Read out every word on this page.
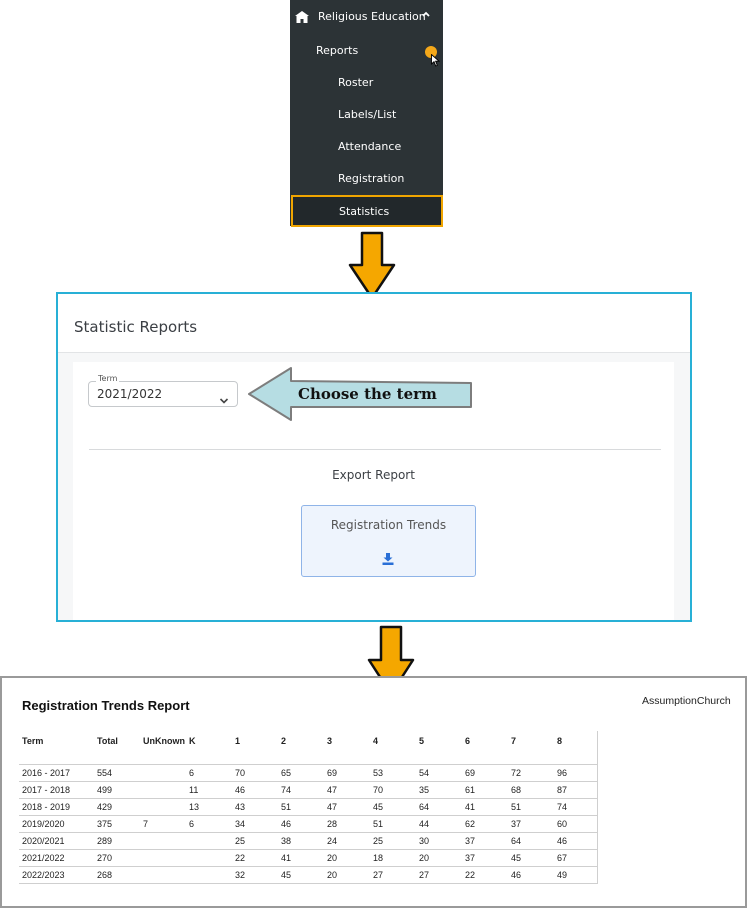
Religious Education
Reports
Roster
Labels/List
Attendance
Registration
Statistics
Statistic Reports
Term
2021/2022
Export Report
Registration Trends
Choose the term
Registration Trends Report	AssumptionChurch
Term	Total	UnKnown	K	1	2	3	4	5	6	7	8
2016 - 2017	554		6	70	65	69	53	54	69	72	96
2017 - 2018	499		11	46	74	47	70	35	61	68	87
2018 - 2019	429		13	43	51	47	45	64	41	51	74
2019/2020	375	7	6	34	46	28	51	44	62	37	60
2020/2021	289			25	38	24	25	30	37	64	46
2021/2022	270			22	41	20	18	20	37	45	67
2022/2023	268			32	45	20	27	27	22	46	49
